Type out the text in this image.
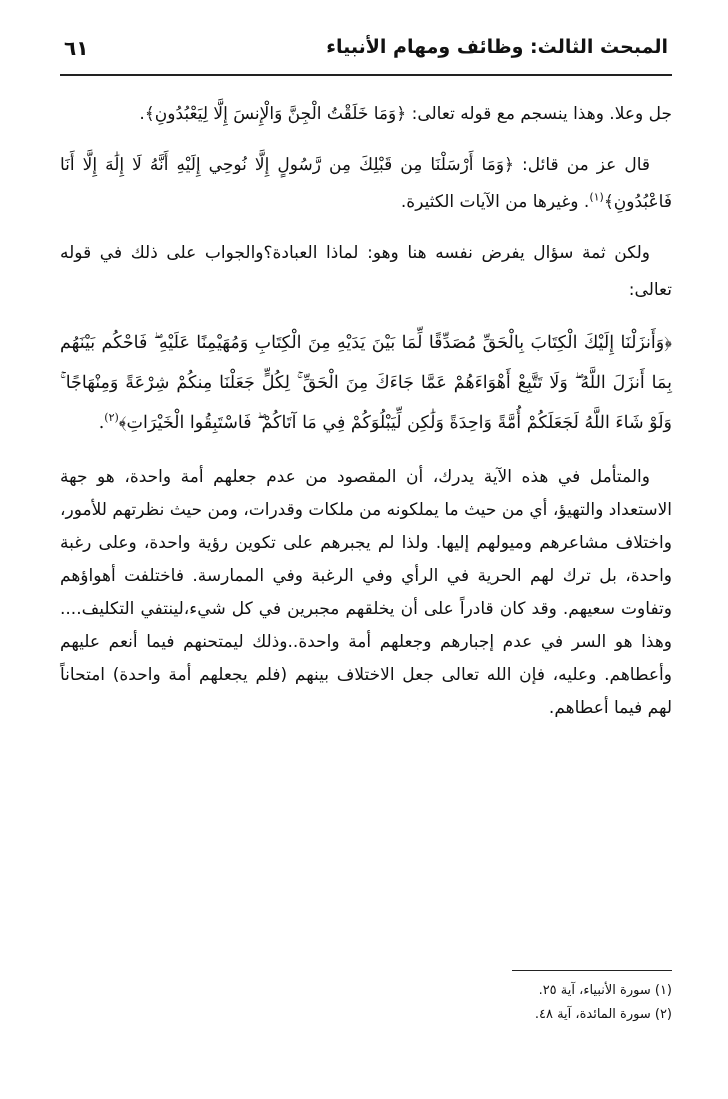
المبحث الثالث: وظائف ومهام الأنبياء
٦١

جل وعلا. وهذا ينسجم مع قوله تعالى: ﴿وَمَا خَلَقْتُ الْجِنَّ وَالْإِنسَ إِلَّا لِيَعْبُدُونِ﴾.

قال عز من قائل: ﴿وَمَا أَرْسَلْنَا مِن قَبْلِكَ مِن رَّسُولٍ إِلَّا نُوحِي إِلَيْهِ أَنَّهُ لَا إِلَٰهَ إِلَّا أَنَا فَاعْبُدُونِ﴾$^{(١)}$. وغيرها من الآيات الكثيرة.

ولكن ثمة سؤال يفرض نفسه هنا وهو: لماذا العبادة؟والجواب على ذلك في قوله تعالى:

﴿وَأَنزَلْنَا إِلَيْكَ الْكِتَابَ بِالْحَقِّ مُصَدِّقًا لِّمَا بَيْنَ يَدَيْهِ مِنَ الْكِتَابِ وَمُهَيْمِنًا عَلَيْهِ ۖ فَاحْكُم بَيْنَهُم بِمَا أَنزَلَ اللَّهُ ۖ وَلَا تَتَّبِعْ أَهْوَاءَهُمْ عَمَّا جَاءَكَ مِنَ الْحَقِّ ۚ لِكُلٍّ جَعَلْنَا مِنكُمْ شِرْعَةً وَمِنْهَاجًا ۚ وَلَوْ شَاءَ اللَّهُ لَجَعَلَكُمْ أُمَّةً وَاحِدَةً وَلَٰكِن لِّيَبْلُوَكُمْ فِي مَا آتَاكُمْ ۖ فَاسْتَبِقُوا الْخَيْرَاتِ﴾$^{(٢)}$.

والمتأمل في هذه الآية يدرك، أن المقصود من عدم جعلهم أمة واحدة، هو جهة الاستعداد والتهيؤ، أي من حيث ما يملكونه من ملكات وقدرات، ومن حيث نظرتهم للأمور، واختلاف مشاعرهم وميولهم إليها. ولذا لم يجبرهم على تكوين رؤية واحدة، وعلى رغبة واحدة، بل ترك لهم الحرية في الرأي وفي الرغبة وفي الممارسة. فاختلفت أهواؤهم وتفاوت سعيهم. وقد كان قادراً على أن يخلقهم مجبرين في كل شيء،لينتفي التكليف.... وهذا هو السر في عدم إجبارهم وجعلهم أمة واحدة..وذلك ليمتحنهم فيما أنعم عليهم وأعطاهم. وعليه، فإن الله تعالى جعل الاختلاف بينهم (فلم يجعلهم أمة واحدة) امتحاناً لهم فيما أعطاهم.

(١) سورة الأنبياء، آية ٢٥.
(٢) سورة المائدة، آية ٤٨.
